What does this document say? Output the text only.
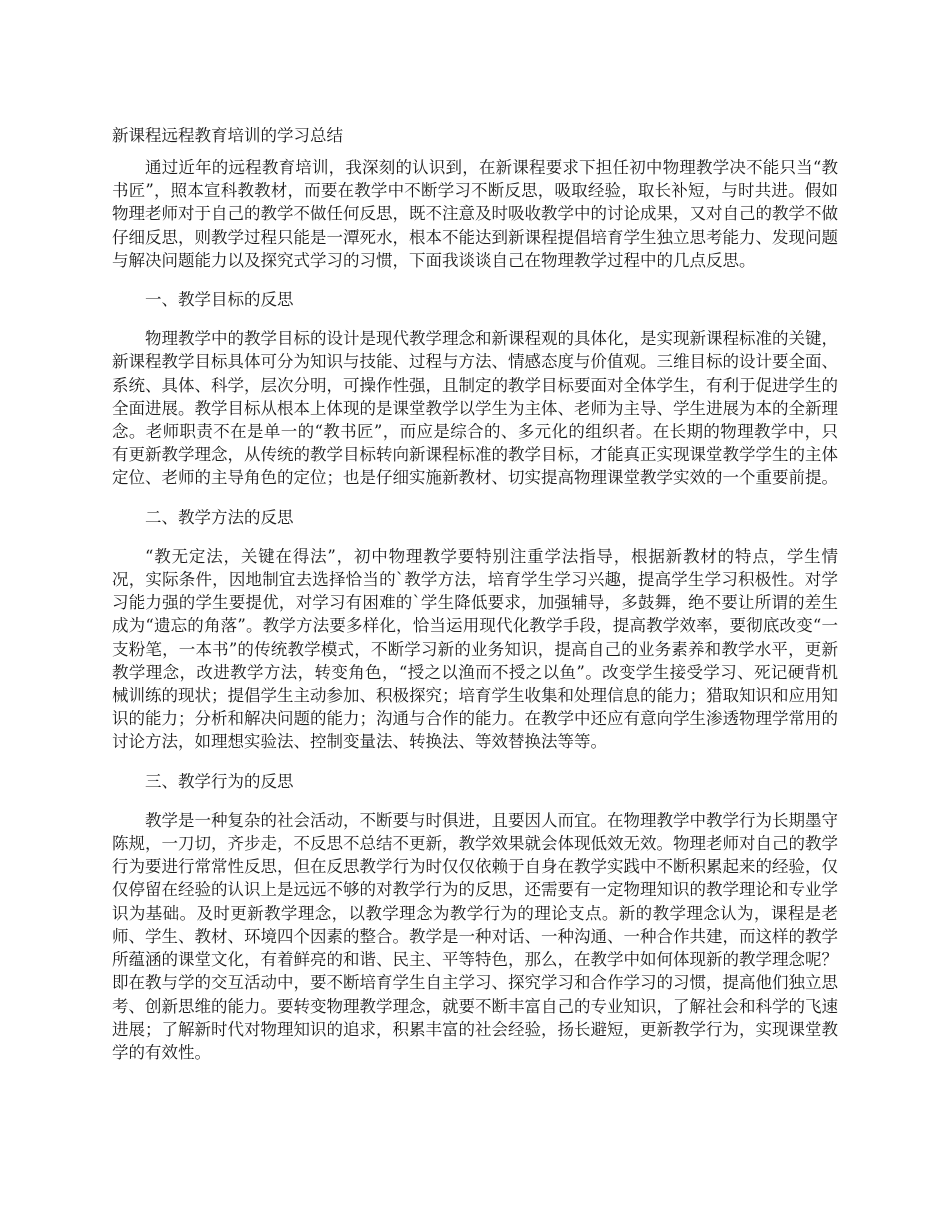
新课程远程教育培训的学习总结

通过近年的远程教育培训，我深刻的认识到，在新课程要求下担任初中物理教学决不能只当“教书匠”，照本宣科教教材，而要在教学中不断学习不断反思，吸取经验，取长补短，与时共进。假如物理老师对于自己的教学不做任何反思，既不注意及时吸收教学中的讨论成果，又对自己的教学不做仔细反思，则教学过程只能是一潭死水，根本不能达到新课程提倡培育学生独立思考能力、发现问题与解决问题能力以及探究式学习的习惯，下面我谈谈自己在物理教学过程中的几点反思。

一、教学目标的反思

物理教学中的教学目标的设计是现代教学理念和新课程观的具体化，是实现新课程标准的关键，新课程教学目标具体可分为知识与技能、过程与方法、情感态度与价值观。三维目标的设计要全面、系统、具体、科学，层次分明，可操作性强，且制定的教学目标要面对全体学生，有利于促进学生的全面进展。教学目标从根本上体现的是课堂教学以学生为主体、老师为主导、学生进展为本的全新理念。老师职责不在是单一的“教书匠”，而应是综合的、多元化的组织者。在长期的物理教学中，只有更新教学理念，从传统的教学目标转向新课程标准的教学目标，才能真正实现课堂教学学生的主体定位、老师的主导角色的定位；也是仔细实施新教材、切实提高物理课堂教学实效的一个重要前提。

二、教学方法的反思

“教无定法，关键在得法”，初中物理教学要特别注重学法指导，根据新教材的特点，学生情况，实际条件，因地制宜去选择恰当的`教学方法，培育学生学习兴趣，提高学生学习积极性。对学习能力强的学生要提优，对学习有困难的`学生降低要求，加强辅导，多鼓舞，绝不要让所谓的差生成为“遗忘的角落”。教学方法要多样化，恰当运用现代化教学手段，提高教学效率，要彻底改变“一支粉笔，一本书”的传统教学模式，不断学习新的业务知识，提高自己的业务素养和教学水平，更新教学理念，改进教学方法，转变角色，“授之以渔而不授之以鱼”。改变学生接受学习、死记硬背机械训练的现状；提倡学生主动参加、积极探究；培育学生收集和处理信息的能力；猎取知识和应用知识的能力；分析和解决问题的能力；沟通与合作的能力。在教学中还应有意向学生渗透物理学常用的讨论方法，如理想实验法、控制变量法、转换法、等效替换法等等。

三、教学行为的反思

教学是一种复杂的社会活动，不断要与时俱进，且要因人而宜。在物理教学中教学行为长期墨守陈规，一刀切，齐步走，不反思不总结不更新，教学效果就会体现低效无效。物理老师对自己的教学行为要进行常常性反思，但在反思教学行为时仅仅依赖于自身在教学实践中不断积累起来的经验，仅仅停留在经验的认识上是远远不够的对教学行为的反思，还需要有一定物理知识的教学理论和专业学识为基础。及时更新教学理念，以教学理念为教学行为的理论支点。新的教学理念认为，课程是老师、学生、教材、环境四个因素的整合。教学是一种对话、一种沟通、一种合作共建，而这样的教学所蕴涵的课堂文化，有着鲜亮的和谐、民主、平等特色，那么，在教学中如何体现新的教学理念呢？即在教与学的交互活动中，要不断培育学生自主学习、探究学习和合作学习的习惯，提高他们独立思考、创新思维的能力。要转变物理教学理念，就要不断丰富自己的专业知识，了解社会和科学的飞速进展；了解新时代对物理知识的追求，积累丰富的社会经验，扬长避短，更新教学行为，实现课堂教学的有效性。
